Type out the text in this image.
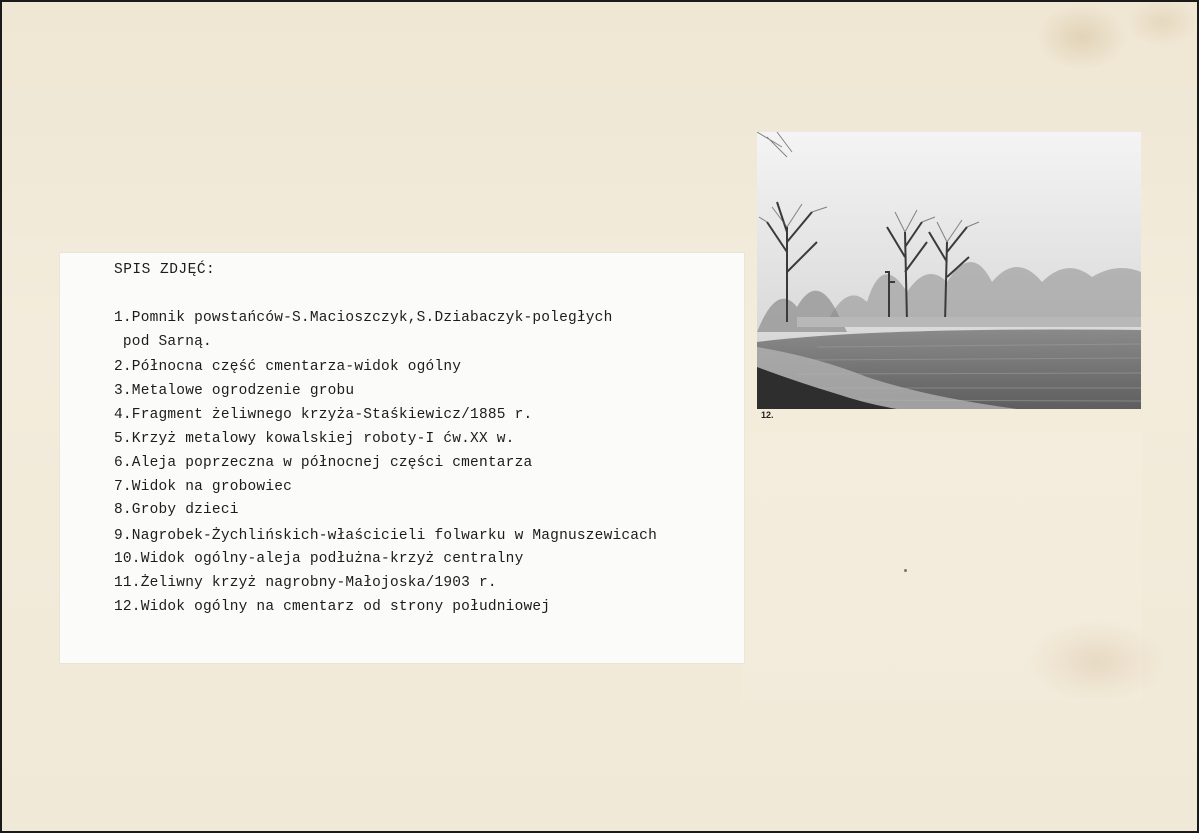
SPIS ZDJĘĆ:
1.Pomnik powstańców-S.Macioszczyk,S.Dziabaczyk-poległych
pod Sarną.
2.Północna część cmentarza-widok ogólny
3.Metalowe ogrodzenie grobu
4.Fragment żeliwnego krzyża-Staśkiewicz/1885 r.
5.Krzyż metalowy kowalskiej roboty-I ćw.XX w.
6.Aleja poprzeczna w północnej części cmentarza
7.Widok na grobowiec
8.Groby dzieci
9.Nagrobek-Żychlińskich-właścicieli folwarku w Magnuszewicach
10.Widok ogólny-aleja podłużna-krzyż centralny
11.Żeliwny krzyż nagrobny-Małojoska/1903 r.
12.Widok ogólny na cmentarz od strony południowej
12.
